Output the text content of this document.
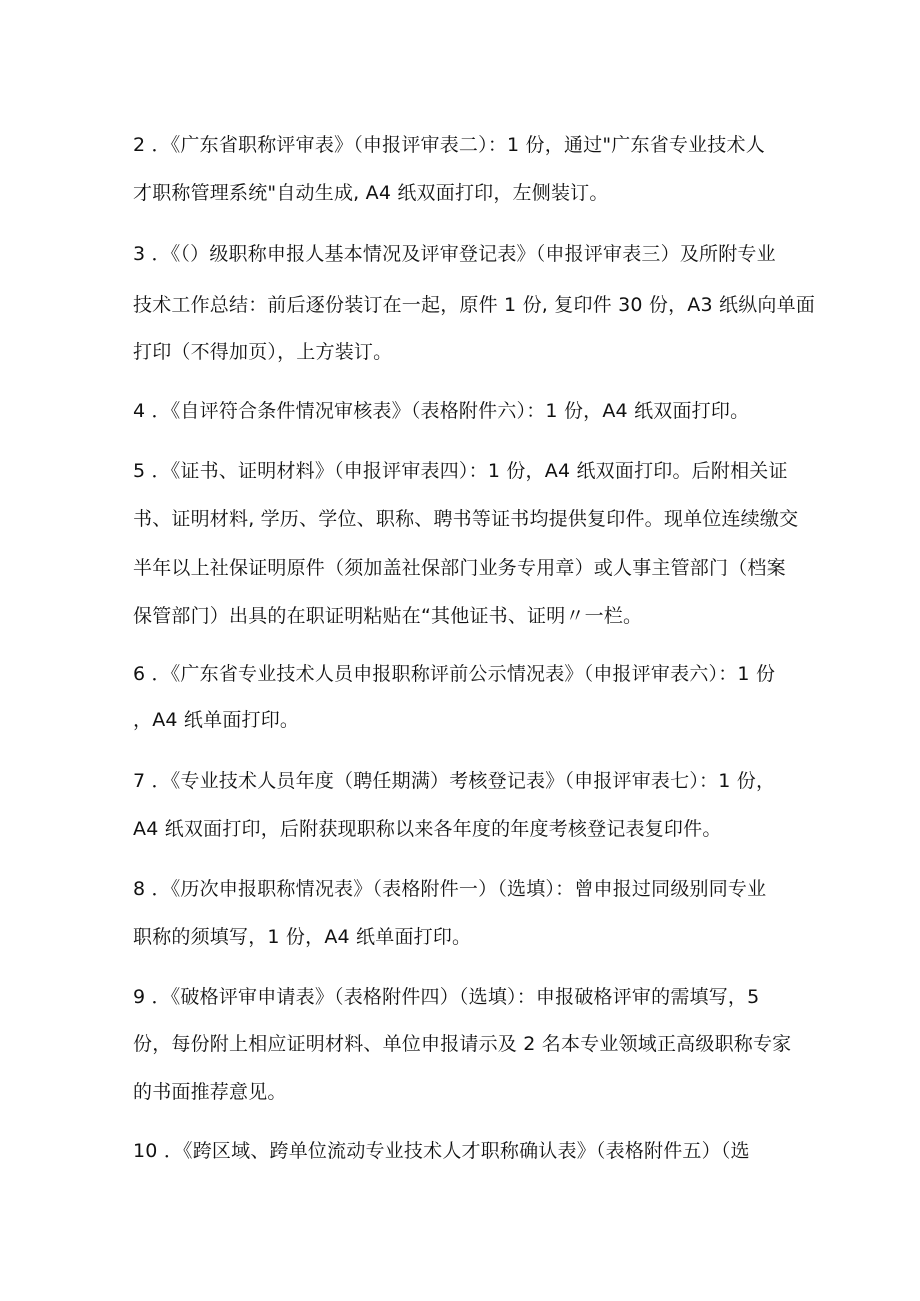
2 ．《广东省职称评审表》（申报评审表二）：1 份，通过"广东省专业技术人
才职称管理系统"自动生成, A4 纸双面打印，左侧装订。
3 ．《（）级职称申报人基本情况及评审登记表》（申报评审表三）及所附专业
技术工作总结：前后逐份装订在一起，原件 1 份, 复印件 30 份，A3 纸纵向单面
打印（不得加页），上方装订。
4 ．《自评符合条件情况审核表》（表格附件六）：1 份，A4 纸双面打印。
5 ．《证书、证明材料》（申报评审表四）：1 份，A4 纸双面打印。后附相关证
书、证明材料, 学历、学位、职称、聘书等证书均提供复印件。现单位连续缴交
半年以上社保证明原件（须加盖社保部门业务专用章）或人事主管部门（档案
保管部门）出具的在职证明粘贴在“其他证书、证明〃一栏。
6 ．《广东省专业技术人员申报职称评前公示情况表》（申报评审表六）：1 份
，A4 纸单面打印。
7 ．《专业技术人员年度（聘任期满）考核登记表》（申报评审表七）：1 份，
A4 纸双面打印，后附获现职称以来各年度的年度考核登记表复印件。
8 ．《历次申报职称情况表》（表格附件一）（选填）：曾申报过同级别同专业
职称的须填写，1 份，A4 纸单面打印。
9 ．《破格评审申请表》（表格附件四）（选填）：申报破格评审的需填写，5
份，每份附上相应证明材料、单位申报请示及 2 名本专业领域正高级职称专家
的书面推荐意见。
10 ．《跨区域、跨单位流动专业技术人才职称确认表》（表格附件五）（选
